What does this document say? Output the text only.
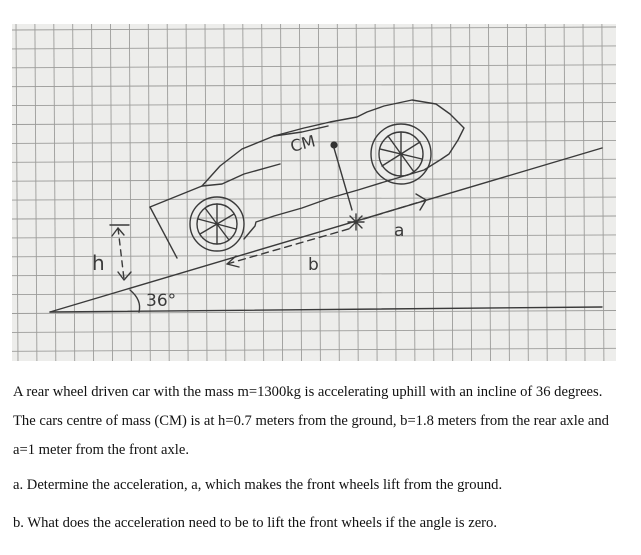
CM
b
a
h
36°

A rear wheel driven car with the mass m=1300kg is accelerating uphill with an incline of 36 degrees. The cars centre of mass (CM) is at h=0.7 meters from the ground, b=1.8 meters from the rear axle and a=1 meter from the front axle.

a. Determine the acceleration, a, which makes the front wheels lift from the ground.

b. What does the acceleration need to be to lift the front wheels if the angle is zero.
